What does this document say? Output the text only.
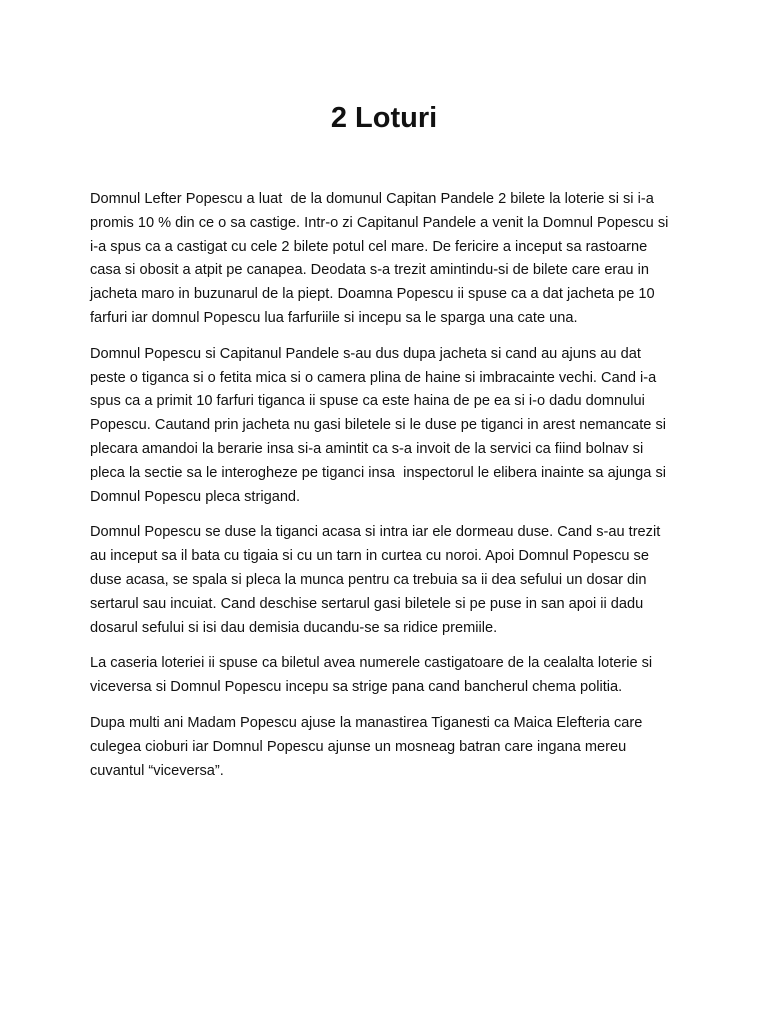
2 Loturi

Domnul Lefter Popescu a luat  de la domunul Capitan Pandele 2 bilete la loterie si si i-a
promis 10 % din ce o sa castige. Intr-o zi Capitanul Pandele a venit la Domnul Popescu si
i-a spus ca a castigat cu cele 2 bilete potul cel mare. De fericire a inceput sa rastoarne
casa si obosit a atpit pe canapea. Deodata s-a trezit amintindu-si de bilete care erau in
jacheta maro in buzunarul de la piept. Doamna Popescu ii spuse ca a dat jacheta pe 10
farfuri iar domnul Popescu lua farfuriile si incepu sa le sparga una cate una.

Domnul Popescu si Capitanul Pandele s-au dus dupa jacheta si cand au ajuns au dat
peste o tiganca si o fetita mica si o camera plina de haine si imbracainte vechi. Cand i-a
spus ca a primit 10 farfuri tiganca ii spuse ca este haina de pe ea si i-o dadu domnului
Popescu. Cautand prin jacheta nu gasi biletele si le duse pe tiganci in arest nemancate si
plecara amandoi la berarie insa si-a amintit ca s-a invoit de la servici ca fiind bolnav si
pleca la sectie sa le interogheze pe tiganci insa  inspectorul le elibera inainte sa ajunga si
Domnul Popescu pleca strigand.

Domnul Popescu se duse la tiganci acasa si intra iar ele dormeau duse. Cand s-au trezit
au inceput sa il bata cu tigaia si cu un tarn in curtea cu noroi. Apoi Domnul Popescu se
duse acasa, se spala si pleca la munca pentru ca trebuia sa ii dea sefului un dosar din
sertarul sau incuiat. Cand deschise sertarul gasi biletele si pe puse in san apoi ii dadu
dosarul sefului si isi dau demisia ducandu-se sa ridice premiile.

La caseria loteriei ii spuse ca biletul avea numerele castigatoare de la cealalta loterie si
viceversa si Domnul Popescu incepu sa strige pana cand bancherul chema politia.

Dupa multi ani Madam Popescu ajuse la manastirea Tiganesti ca Maica Elefteria care
culegea cioburi iar Domnul Popescu ajunse un mosneag batran care ingana mereu
cuvantul “viceversa”.
